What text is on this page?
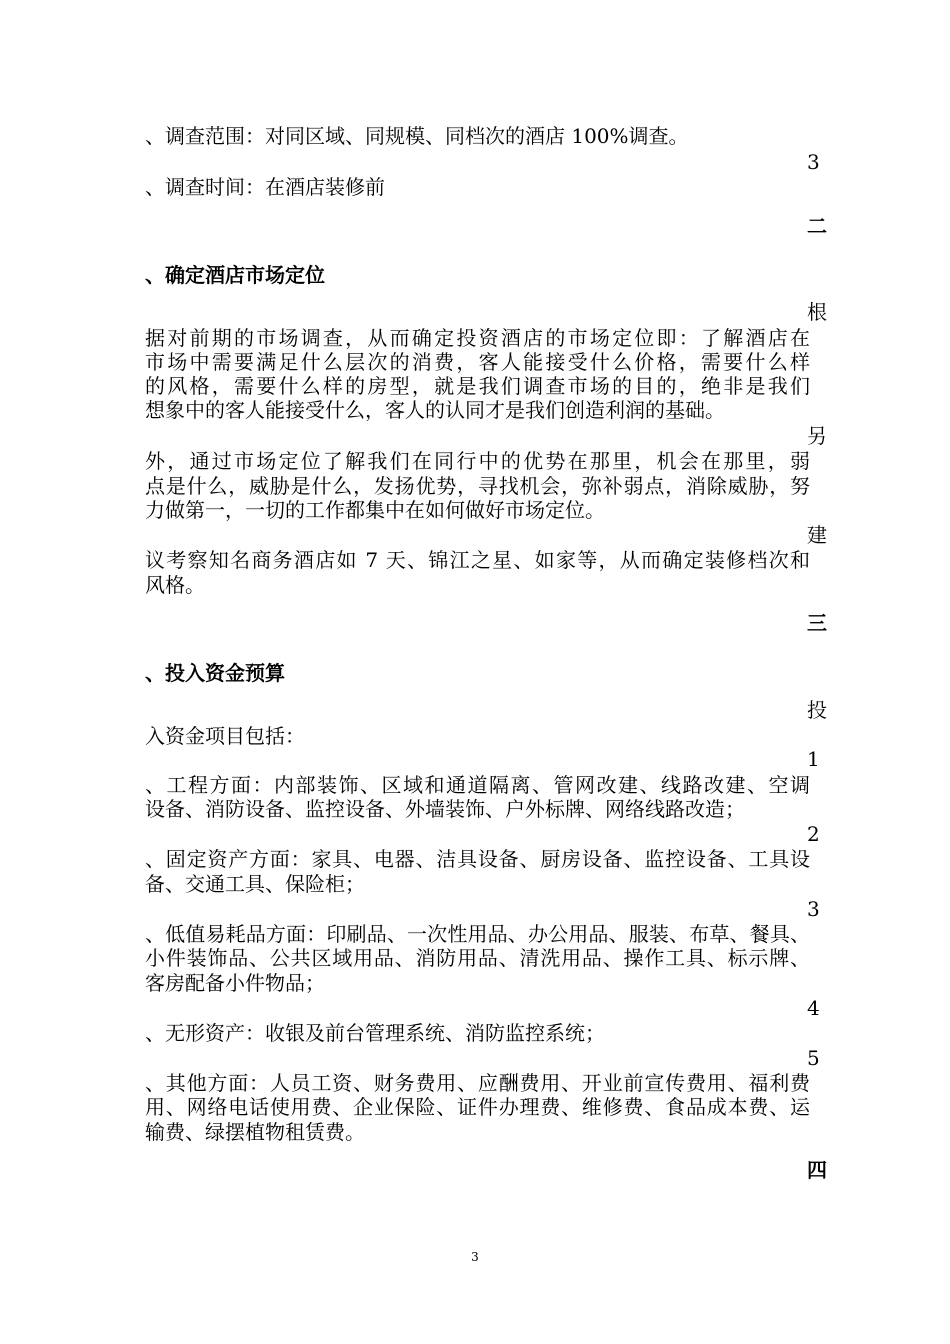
、调查范围：对同区域、同规模、同档次的酒店 100%调查。
3
、调查时间：在酒店装修前
二
、确定酒店市场定位
根
据对前期的市场调查，从而确定投资酒店的市场定位即：了解酒店在
市场中需要满足什么层次的消费，客人能接受什么价格，需要什么样
的风格，需要什么样的房型，就是我们调查市场的目的，绝非是我们
想象中的客人能接受什么，客人的认同才是我们创造利润的基础。
另
外，通过市场定位了解我们在同行中的优势在那里，机会在那里，弱
点是什么，威胁是什么，发扬优势，寻找机会，弥补弱点，消除威胁，努
力做第一，一切的工作都集中在如何做好市场定位。
建
议考察知名商务酒店如 7 天、锦江之星、如家等，从而确定装修档次和
风格。
三
、投入资金预算
投
入资金项目包括：
1
、工程方面：内部装饰、区域和通道隔离、管网改建、线路改建、空调
设备、消防设备、监控设备、外墙装饰、户外标牌、网络线路改造；
2
、固定资产方面：家具、电器、洁具设备、厨房设备、监控设备、工具设
备、交通工具、保险柜；
3
、低值易耗品方面：印刷品、一次性用品、办公用品、服装、布草、餐具、
小件装饰品、公共区域用品、消防用品、清洗用品、操作工具、标示牌、
客房配备小件物品；
4
、无形资产：收银及前台管理系统、消防监控系统；
5
、其他方面：人员工资、财务费用、应酬费用、开业前宣传费用、福利费
用、网络电话使用费、企业保险、证件办理费、维修费、食品成本费、运
输费、绿摆植物租赁费。
四
3
